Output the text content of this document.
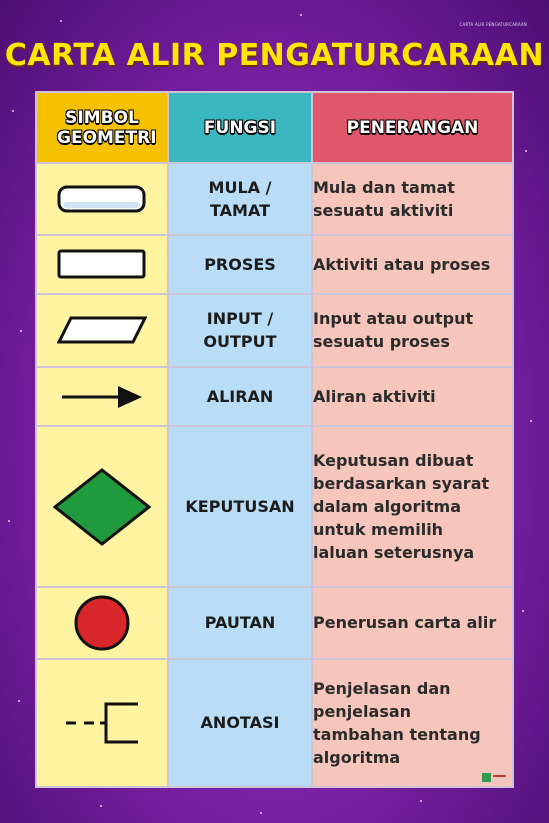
CARTA ALIR PENGATURCARAAN
CARTA ALIR PENGATURCARAAN
SIMBOL GEOMETRI	FUNGSI	PENERANGAN

	MULA / TAMAT	Mula dan tamat sesuatu aktiviti

	PROSES	Aktiviti atau proses

	INPUT / OUTPUT	Input atau output sesuatu proses

	ALIRAN	Aliran aktiviti

	KEPUTUSAN	Keputusan dibuat berdasarkan syarat dalam algoritma untuk memilih laluan seterusnya

	PAUTAN	Penerusan carta alir

	ANOTASI	Penjelasan dan penjelasan tambahan tentang algoritma
